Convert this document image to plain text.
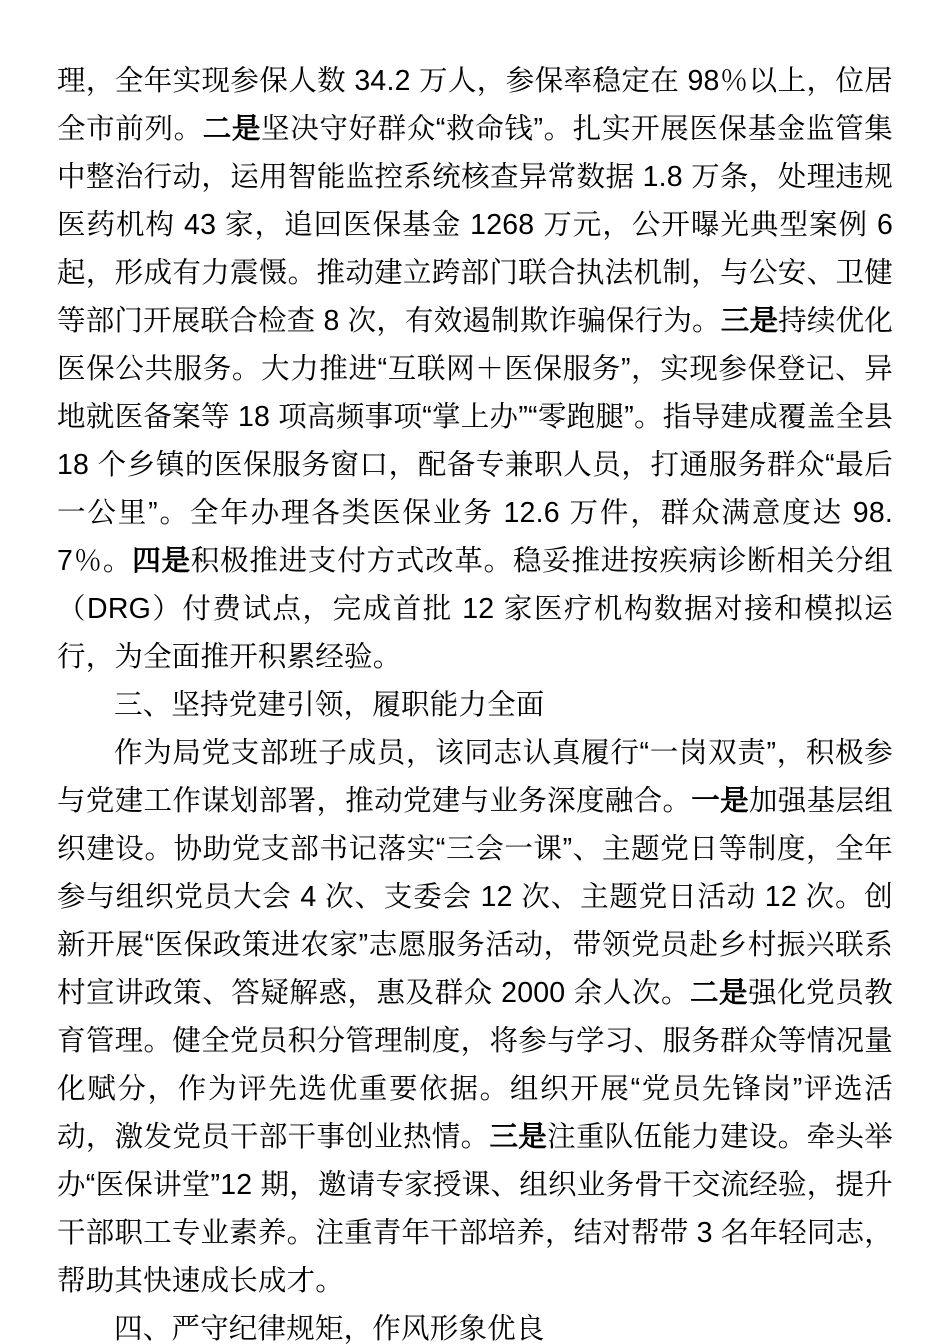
理，全年实现参保人数 34.2 万人，参保率稳定在 98％以上，位居全市前列。二是坚决守好群众“救命钱”。扎实开展医保基金监管集中整治行动，运用智能监控系统核查异常数据 1.8 万条，处理违规医药机构 43 家，追回医保基金 1268 万元，公开曝光典型案例 6 起，形成有力震慑。推动建立跨部门联合执法机制，与公安、卫健等部门开展联合检查 8 次，有效遏制欺诈骗保行为。三是持续优化医保公共服务。大力推进“互联网＋医保服务”，实现参保登记、异地就医备案等 18 项高频事项“掌上办”“零跑腿”。指导建成覆盖全县 18 个乡镇的医保服务窗口，配备专兼职人员，打通服务群众“最后一公里”。全年办理各类医保业务 12.6 万件，群众满意度达 98.7％。四是积极推进支付方式改革。稳妥推进按疾病诊断相关分组（DRG）付费试点，完成首批 12 家医疗机构数据对接和模拟运行，为全面推开积累经验。

三、坚持党建引领，履职能力全面

作为局党支部班子成员，该同志认真履行“一岗双责”，积极参与党建工作谋划部署，推动党建与业务深度融合。一是加强基层组织建设。协助党支部书记落实“三会一课”、主题党日等制度，全年参与组织党员大会 4 次、支委会 12 次、主题党日活动 12 次。创新开展“医保政策进农家”志愿服务活动，带领党员赴乡村振兴联系村宣讲政策、答疑解惑，惠及群众 2000 余人次。二是强化党员教育管理。健全党员积分管理制度，将参与学习、服务群众等情况量化赋分，作为评先选优重要依据。组织开展“党员先锋岗”评选活动，激发党员干部干事创业热情。三是注重队伍能力建设。牵头举办“医保讲堂”12 期，邀请专家授课、组织业务骨干交流经验，提升干部职工专业素养。注重青年干部培养，结对帮带 3 名年轻同志，帮助其快速成长成才。

四、严守纪律规矩，作风形象优良
